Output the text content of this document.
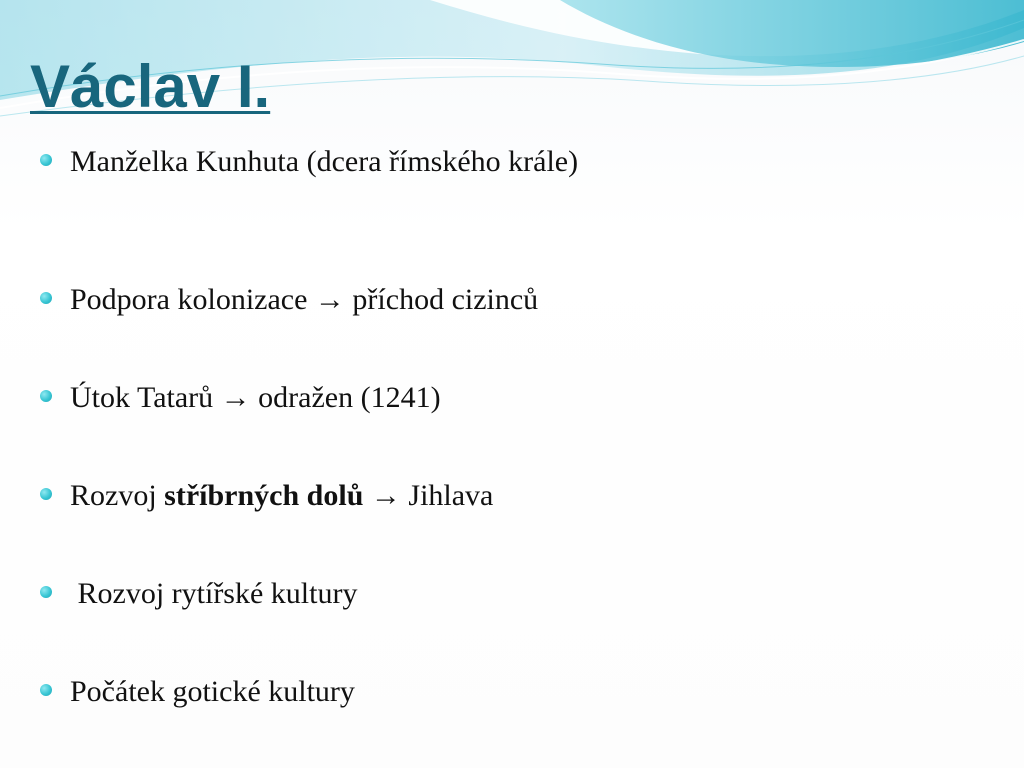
Václav I.
Manželka Kunhuta (dcera římského krále)
Podpora kolonizace → příchod cizinců
Útok Tatarů → odražen (1241)
Rozvoj stříbrných dolů → Jihlava
Rozvoj rytířské kultury
Počátek gotické kultury
